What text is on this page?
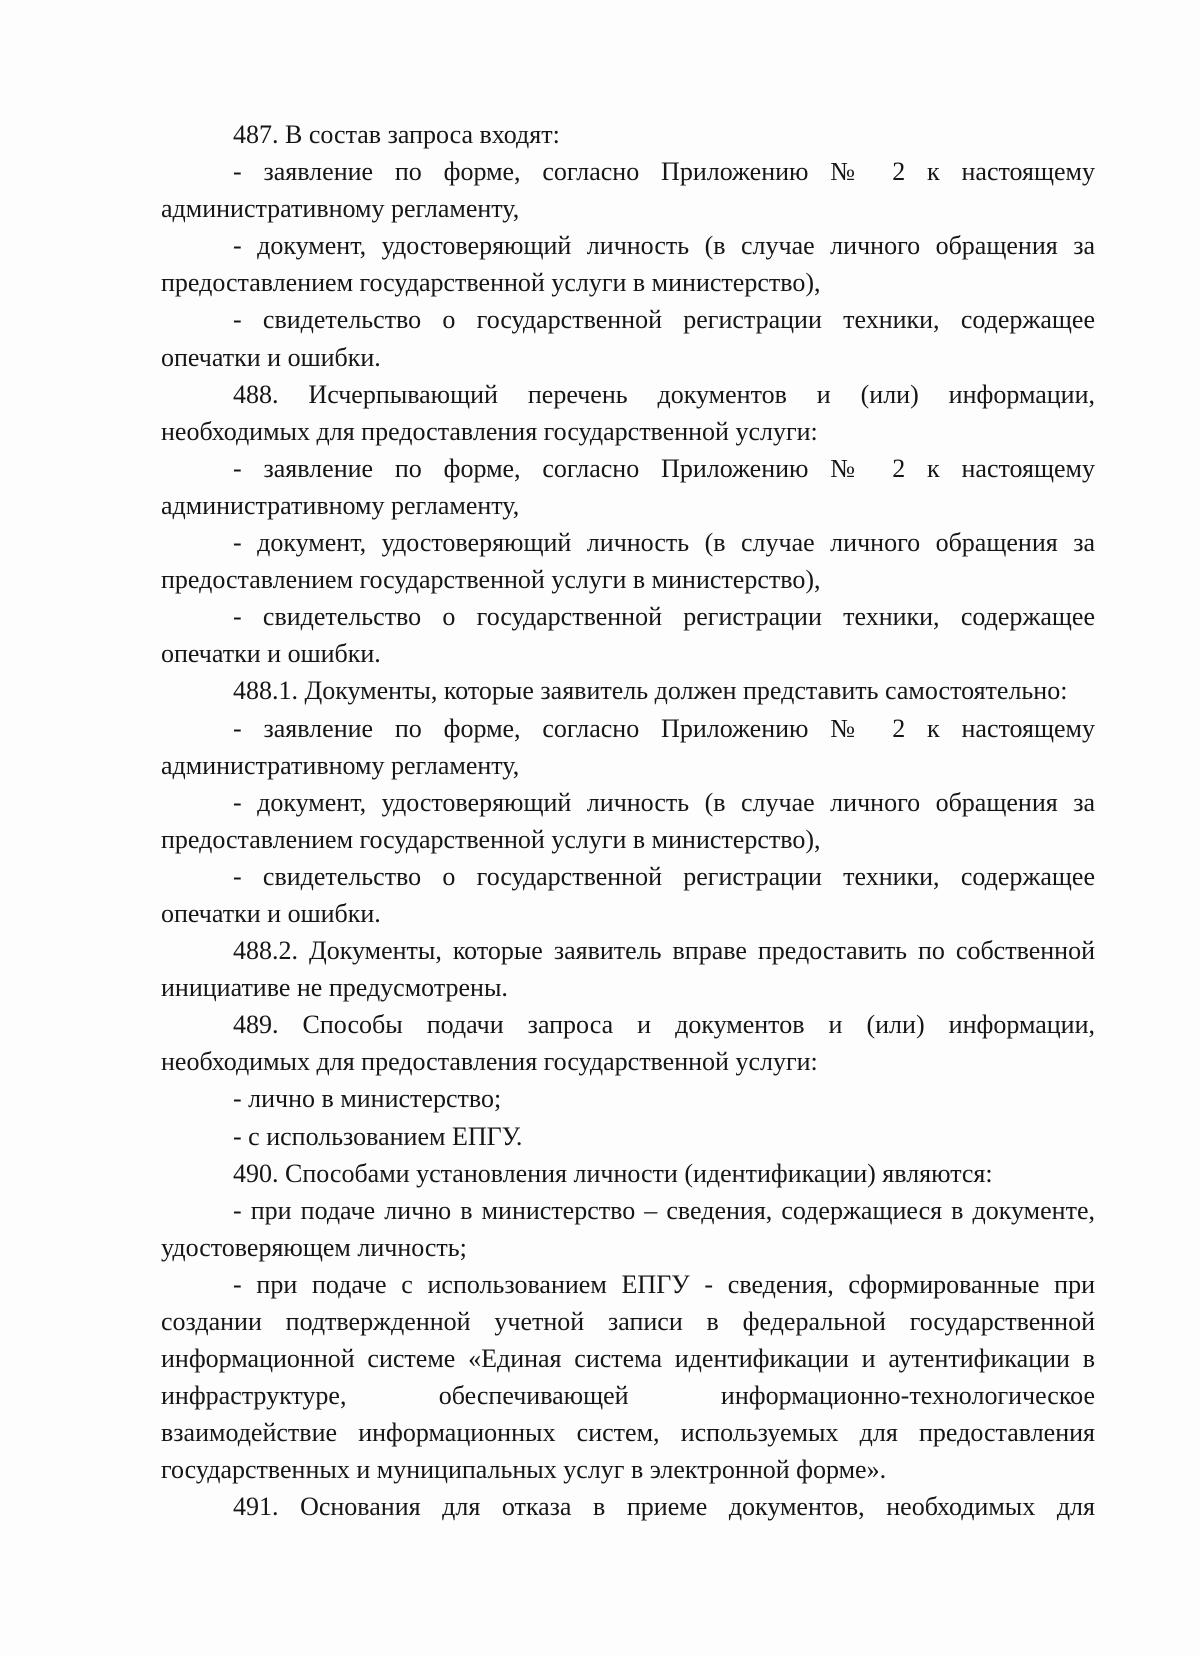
487. В состав запроса входят:

- заявление по форме, согласно Приложению № 2 к настоящему административному регламенту,

- документ, удостоверяющий личность (в случае личного обращения за предоставлением государственной услуги в министерство),

- свидетельство о государственной регистрации техники, содержащее опечатки и ошибки.

488. Исчерпывающий перечень документов и (или) информации, необходимых для предоставления государственной услуги:

- заявление по форме, согласно Приложению № 2 к настоящему административному регламенту,

- документ, удостоверяющий личность (в случае личного обращения за предоставлением государственной услуги в министерство),

- свидетельство о государственной регистрации техники, содержащее опечатки и ошибки.

488.1. Документы, которые заявитель должен представить самостоятельно:

- заявление по форме, согласно Приложению № 2 к настоящему административному регламенту,

- документ, удостоверяющий личность (в случае личного обращения за предоставлением государственной услуги в министерство),

- свидетельство о государственной регистрации техники, содержащее опечатки и ошибки.

488.2. Документы, которые заявитель вправе предоставить по собственной инициативе не предусмотрены.

489. Способы подачи запроса и документов и (или) информации, необходимых для предоставления государственной услуги:

- лично в министерство;

- с использованием ЕПГУ.

490. Способами установления личности (идентификации) являются:

- при подаче лично в министерство – сведения, содержащиеся в документе, удостоверяющем личность;

- при подаче с использованием ЕПГУ - сведения, сформированные при создании подтвержденной учетной записи в федеральной государственной информационной системе «Единая система идентификации и аутентификации в инфраструктуре, обеспечивающей информационно-технологическое взаимодействие информационных систем, используемых для предоставления государственных и муниципальных услуг в электронной форме».

491. Основания для отказа в приеме документов, необходимых для
